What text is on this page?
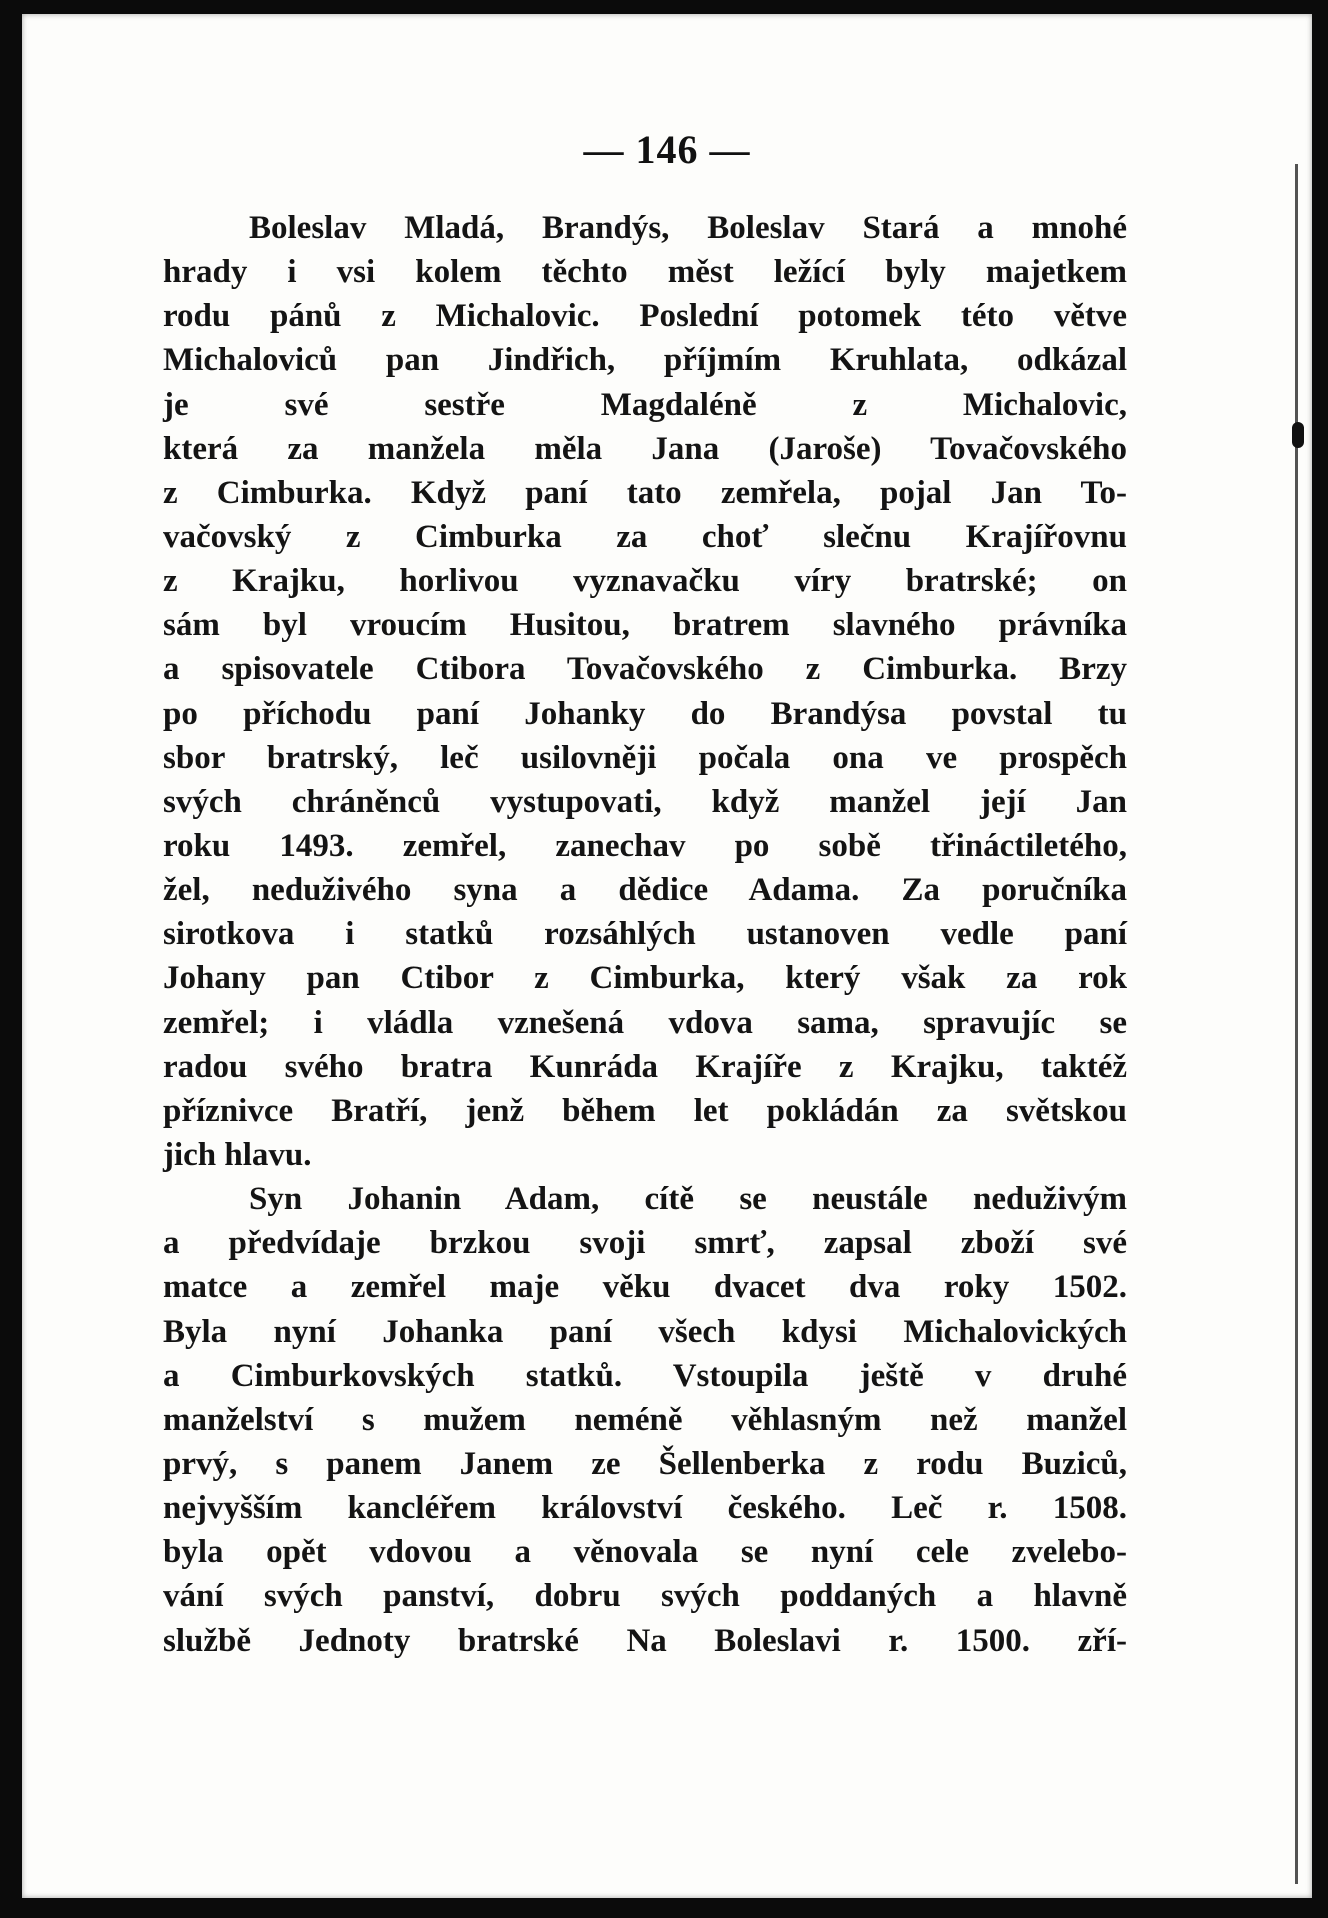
— 146 —
Boleslav Mladá, Brandýs, Boleslav Stará a mnohé
hrady i vsi kolem těchto měst ležící byly majetkem
rodu pánů z Michalovic. Poslední potomek této větve
Michaloviců pan Jindřich, příjmím Kruhlata, odkázal
je své sestře Magdaléně z Michalovic,
která za manžela měla Jana (Jaroše) Tovačovského
z Cimburka. Když paní tato zemřela, pojal Jan To-
vačovský z Cimburka za choť slečnu Krajířovnu
z Krajku, horlivou vyznavačku víry bratrské; on
sám byl vroucím Husitou, bratrem slavného právníka
a spisovatele Ctibora Tovačovského z Cimburka. Brzy
po příchodu paní Johanky do Brandýsa povstal tu
sbor bratrský, leč usilovněji počala ona ve prospěch
svých chráněnců vystupovati, když manžel její Jan
roku 1493. zemřel, zanechav po sobě třináctiletého,
žel, neduživého syna a dědice Adama. Za poručníka
sirotkova i statků rozsáhlých ustanoven vedle paní
Johany pan Ctibor z Cimburka, který však za rok
zemřel; i vládla vznešená vdova sama, spravujíc se
radou svého bratra Kunráda Krajíře z Krajku, taktéž
příznivce Bratří, jenž během let pokládán za světskou
jich hlavu.
Syn Johanin Adam, cítě se neustále neduživým
a předvídaje brzkou svoji smrť, zapsal zboží své
matce a zemřel maje věku dvacet dva roky 1502.
Byla nyní Johanka paní všech kdysi Michalovických
a Cimburkovských statků. Vstoupila ještě v druhé
manželství s mužem neméně věhlasným než manžel
prvý, s panem Janem ze Šellenberka z rodu Buziců,
nejvyšším kancléřem království českého. Leč r. 1508.
byla opět vdovou a věnovala se nyní cele zvelebo-
vání svých panství, dobru svých poddaných a hlavně
službě Jednoty bratrské Na Boleslavi r. 1500. zří-
